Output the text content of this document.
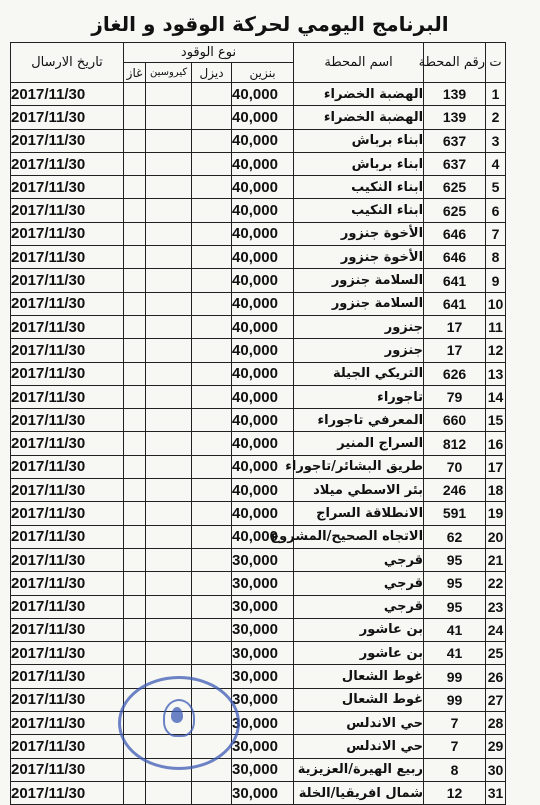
البرنامج اليومي لحركة الوقود و الغاز
ت	رقم المحطة	اسم المحطة	نوع الوقود				تاريخ الارسال
			بنزين	ديزل	كيروسين	غاز	
1	139	الهضبة الخضراء	40,000				2017/11/30
2	139	الهضبة الخضراء	40,000				2017/11/30
3	637	ابناء برباش	40,000				2017/11/30
4	637	ابناء برباش	40,000				2017/11/30
5	625	ابناء النكيب	40,000				2017/11/30
6	625	ابناء النكيب	40,000				2017/11/30
7	646	الأخوة جنزور	40,000				2017/11/30
8	646	الأخوة جنزور	40,000				2017/11/30
9	641	السلامة جنزور	40,000				2017/11/30
10	641	السلامة جنزور	40,000				2017/11/30
11	17	جنزور	40,000				2017/11/30
12	17	جنزور	40,000				2017/11/30
13	626	التريكي الجيلة	40,000				2017/11/30
14	79	تاجوراء	40,000				2017/11/30
15	660	المعرفي تاجوراء	40,000				2017/11/30
16	812	السراج المنير	40,000				2017/11/30
17	70	طريق البشائر/تاجوراء	40,000				2017/11/30
18	246	بئر الاسطي ميلاد	40,000				2017/11/30
19	591	الانطلاقة السراج	40,000				2017/11/30
20	62	الاتجاه الصحيح/المشروع	40,000				2017/11/30
21	95	قرجي	30,000				2017/11/30
22	95	قرجي	30,000				2017/11/30
23	95	قرجي	30,000				2017/11/30
24	41	بن عاشور	30,000				2017/11/30
25	41	بن عاشور	30,000				2017/11/30
26	99	غوط الشعال	30,000				2017/11/30
27	99	غوط الشعال	30,000				2017/11/30
28	7	حي الاندلس	30,000				2017/11/30
29	7	حي الاندلس	30,000				2017/11/30
30	8	ربيع الهيرة/العزيزية	30,000				2017/11/30
31	12	شمال افريقيا/الخلة	30,000				2017/11/30
